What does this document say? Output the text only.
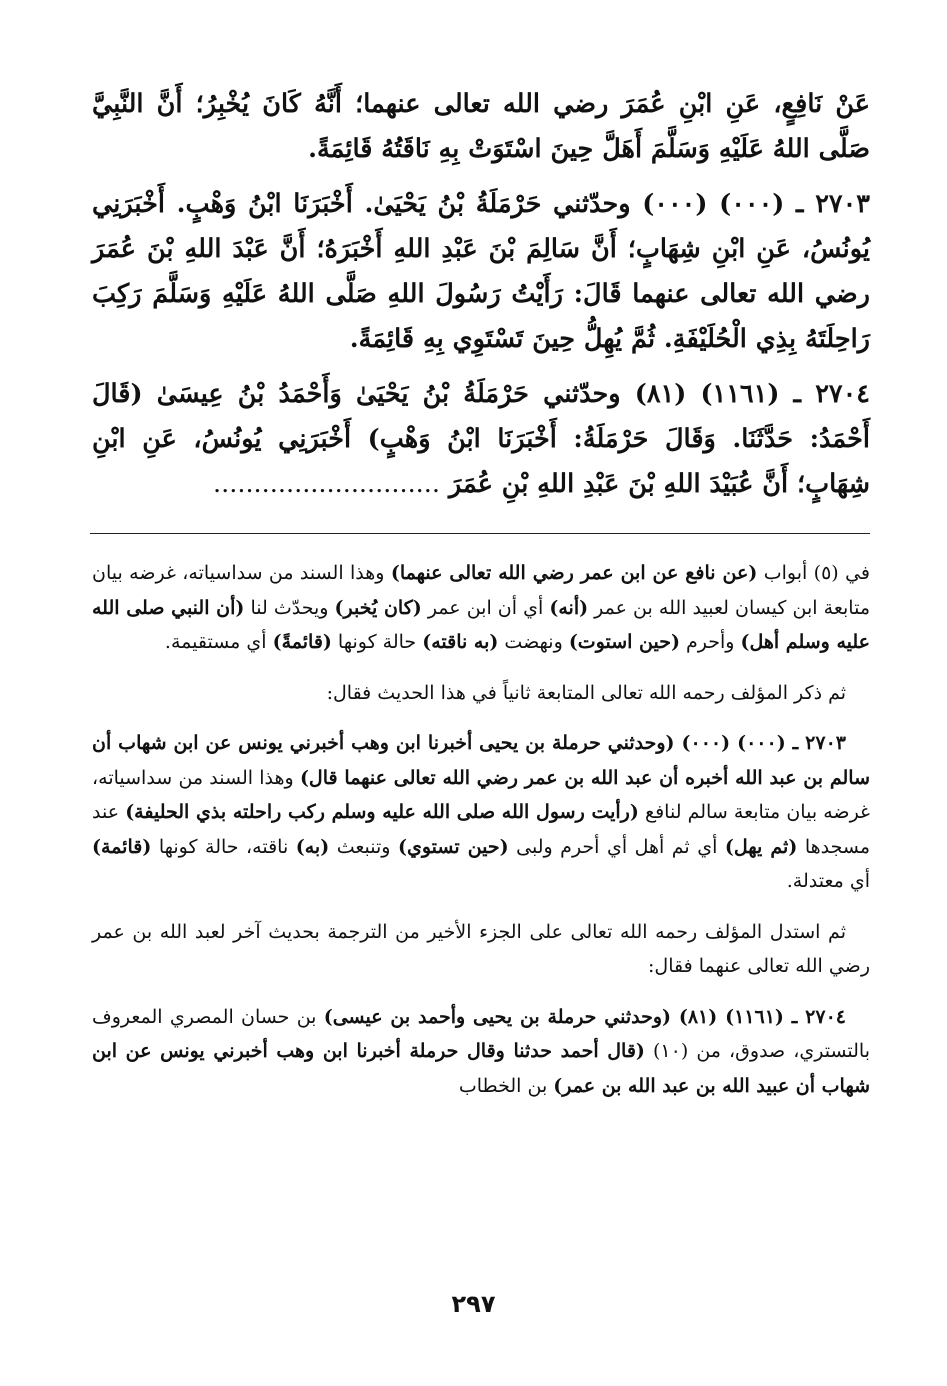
عَنْ نَافِعٍ، عَنِ ابْنِ عُمَرَ رضي الله تعالى عنهما؛ أَنَّهُ كَانَ يُخْبِرُ؛ أَنَّ النَّبِيَّ صَلَّى اللهُ عَلَيْهِ وَسَلَّمَ أَهَلَّ حِينَ اسْتَوَتْ بِهِ نَاقَتُهُ قَائِمَةً.

٢٧٠٣ ـ (٠٠٠) (٠٠٠) وحدّثني حَرْمَلَةُ بْنُ يَحْيَىٰ. أَخْبَرَنَا ابْنُ وَهْبٍ. أَخْبَرَنِي يُونُسُ، عَنِ ابْنِ شِهَابٍ؛ أَنَّ سَالِمَ بْنَ عَبْدِ اللهِ أَخْبَرَهُ؛ أَنَّ عَبْدَ اللهِ بْنَ عُمَرَ رضي الله تعالى عنهما قَالَ: رَأَيْتُ رَسُولَ اللهِ صَلَّى اللهُ عَلَيْهِ وَسَلَّمَ رَكِبَ رَاحِلَتَهُ بِذِي الْحُلَيْفَةِ. ثُمَّ يُهِلُّ حِينَ تَسْتَوِي بِهِ قَائِمَةً.

٢٧٠٤ ـ (١١٦١) (٨١) وحدّثني حَرْمَلَةُ بْنُ يَحْيَىٰ وَأَحْمَدُ بْنُ عِيسَىٰ (قَالَ أَحْمَدُ: حَدَّثَنَا. وَقَالَ حَرْمَلَةُ: أَخْبَرَنَا ابْنُ وَهْبٍ) أَخْبَرَنِي يُونُسُ، عَنِ ابْنِ شِهَابٍ؛ أَنَّ عُبَيْدَ اللهِ بْنَ عَبْدِ اللهِ بْنِ عُمَرَ ............................

في (٥) أبواب (عن نافع عن ابن عمر رضي الله تعالى عنهما) وهذا السند من سداسياته، غرضه بيان متابعة ابن كيسان لعبيد الله بن عمر (أنه) أي أن ابن عمر (كان يُخبر) ويحدّث لنا (أن النبي صلى الله عليه وسلم أهل) وأحرم (حين استوت) ونهضت (به ناقته) حالة كونها (قائمةً) أي مستقيمة.

ثم ذكر المؤلف رحمه الله تعالى المتابعة ثانياً في هذا الحديث فقال:

٢٧٠٣ ـ (٠٠٠) (٠٠٠) (وحدثني حرملة بن يحيى أخبرنا ابن وهب أخبرني يونس عن ابن شهاب أن سالم بن عبد الله أخبره أن عبد الله بن عمر رضي الله تعالى عنهما قال) وهذا السند من سداسياته، غرضه بيان متابعة سالم لنافع (رأيت رسول الله صلى الله عليه وسلم ركب راحلته بذي الحليفة) عند مسجدها (ثم يهل) أي ثم أهل أي أحرم ولبى (حين تستوي) وتنبعث (به) ناقته، حالة كونها (قائمة) أي معتدلة.

ثم استدل المؤلف رحمه الله تعالى على الجزء الأخير من الترجمة بحديث آخر لعبد الله بن عمر رضي الله تعالى عنهما فقال:

٢٧٠٤ ـ (١١٦١) (٨١) (وحدثني حرملة بن يحيى وأحمد بن عيسى) بن حسان المصري المعروف بالتستري، صدوق، من (١٠) (قال أحمد حدثنا وقال حرملة أخبرنا ابن وهب أخبرني يونس عن ابن شهاب أن عبيد الله بن عبد الله بن عمر) بن الخطاب

٢٩٧
